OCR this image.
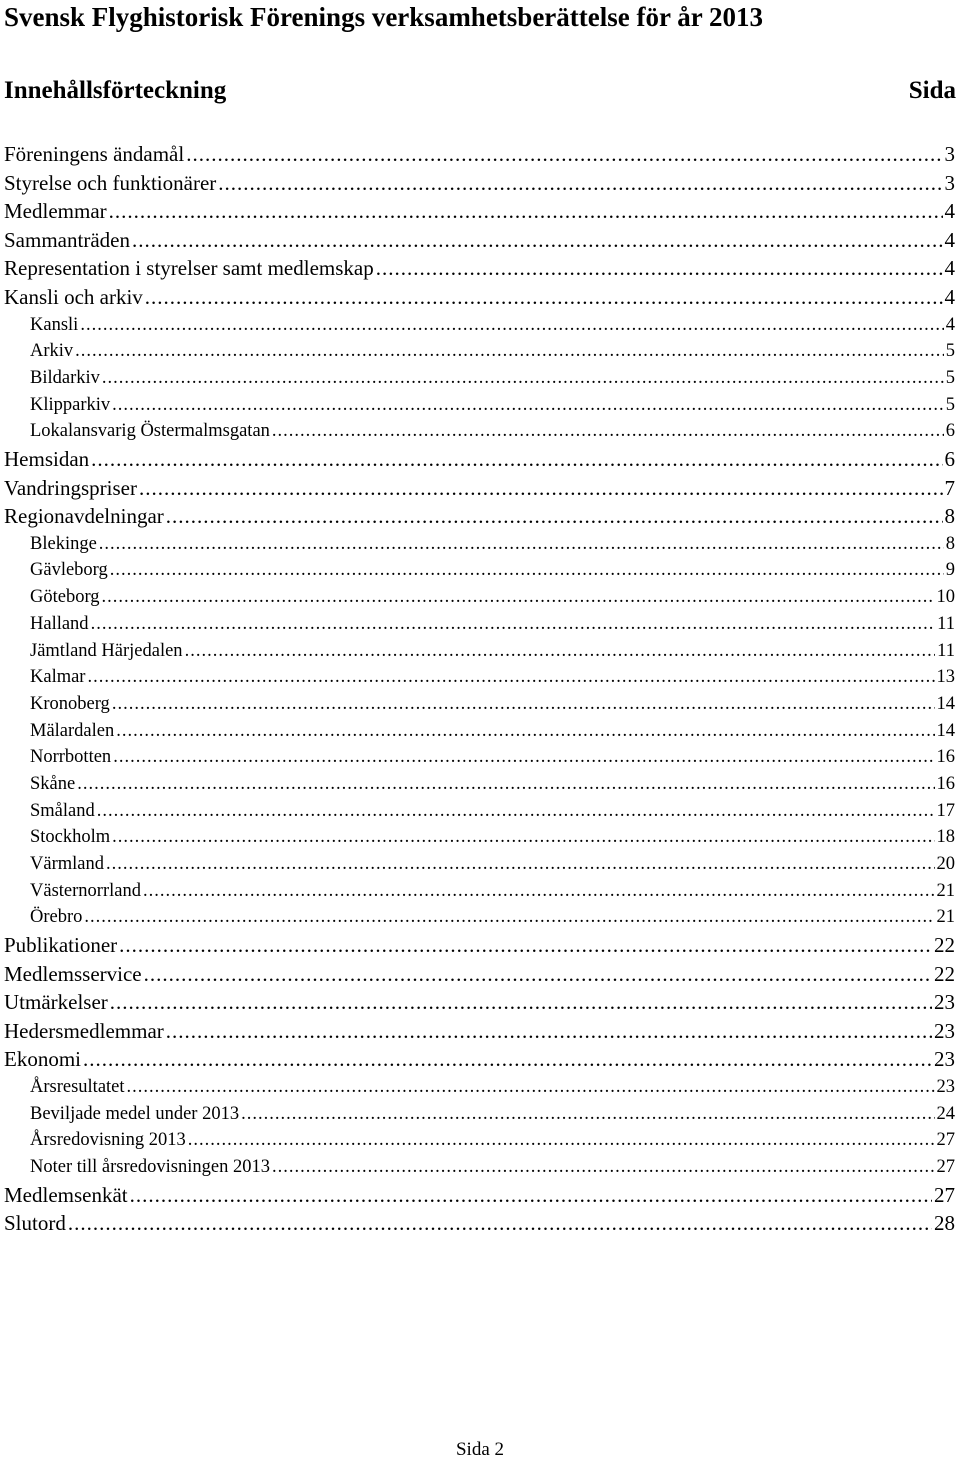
Svensk Flyghistorisk Förenings verksamhetsberättelse för år 2013
Innehållsförteckning	Sida
Föreningens ändamål .....	3
Styrelse och funktionärer .....	3
Medlemmar .....	4
Sammanträden .....	4
Representation i styrelser samt medlemskap .....	4
Kansli och arkiv .....	4
Kansli .....	4
Arkiv .....	5
Bildarkiv .....	5
Klipparkiv .....	5
Lokalansvarig Östermalmsgatan .....	6
Hemsidan .....	6
Vandringspriser .....	7
Regionavdelningar .....	8
Blekinge .....	8
Gävleborg .....	9
Göteborg .....	10
Halland .....	11
Jämtland Härjedalen .....	11
Kalmar .....	13
Kronoberg .....	14
Mälardalen .....	14
Norrbotten .....	16
Skåne .....	16
Småland .....	17
Stockholm .....	18
Värmland .....	20
Västernorrland .....	21
Örebro .....	21
Publikationer .....	22
Medlemsservice .....	22
Utmärkelser .....	23
Hedersmedlemmar .....	23
Ekonomi .....	23
Årsresultatet .....	23
Beviljade medel under 2013 .....	24
Årsredovisning 2013 .....	27
Noter till årsredovisningen 2013 .....	27
Medlemsenkät .....	27
Slutord .....	28
Sida 2
